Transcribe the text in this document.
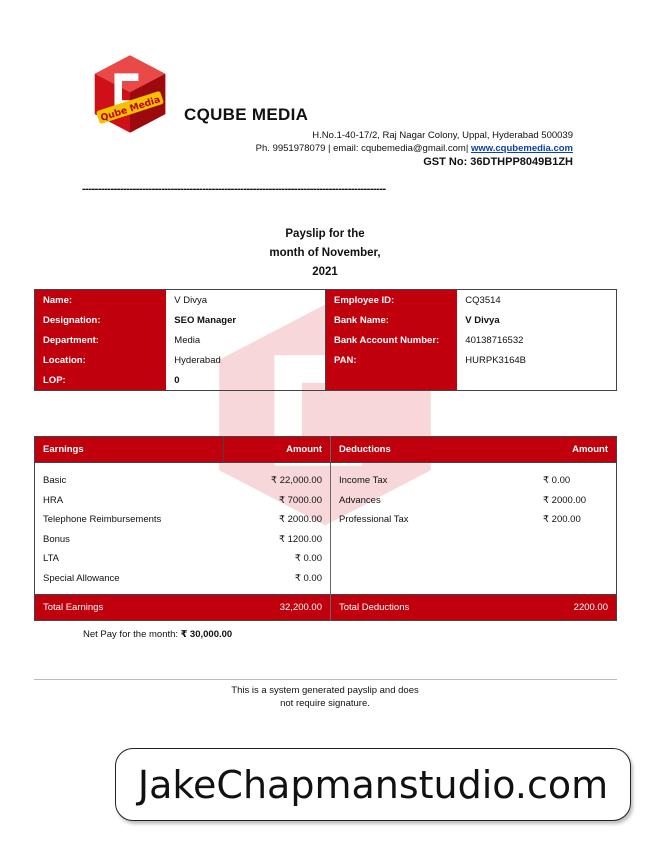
Qube Media CQUBE MEDIA
H.No.1-40-17/2, Raj Nagar Colony, Uppal, Hyderabad 500039
Ph. 9951978079 | email: cqubemedia@gmail.com| www.cqubemedia.com
GST No: 36DTHPP8049B1ZH
------------------------------------------------------------------------------------------------
Payslip for the
month of November,
2021
Name:	V Divya	Employee ID:	CQ3514
Designation:	SEO Manager	Bank Name:	V Divya
Department:	Media	Bank Account Number:	40138716532
Location:	Hyderabad	PAN:	HURPK3164B
LOP:	0		
Earnings	Amount	Deductions	Amount

Basic	₹ 22,000.00	Income Tax	₹ 0.00
HRA	₹ 7000.00	Advances	₹ 2000.00
Telephone Reimbursements	₹ 2000.00	Professional Tax	₹ 200.00
Bonus	₹ 1200.00		
LTA	₹ 0.00		
Special Allowance	₹ 0.00		

Total Earnings	32,200.00	Total Deductions	2200.00
Net Pay for the month: ₹ 30,000.00
This is a system generated payslip and does
not require signature.
JakeChapmanstudio.com
